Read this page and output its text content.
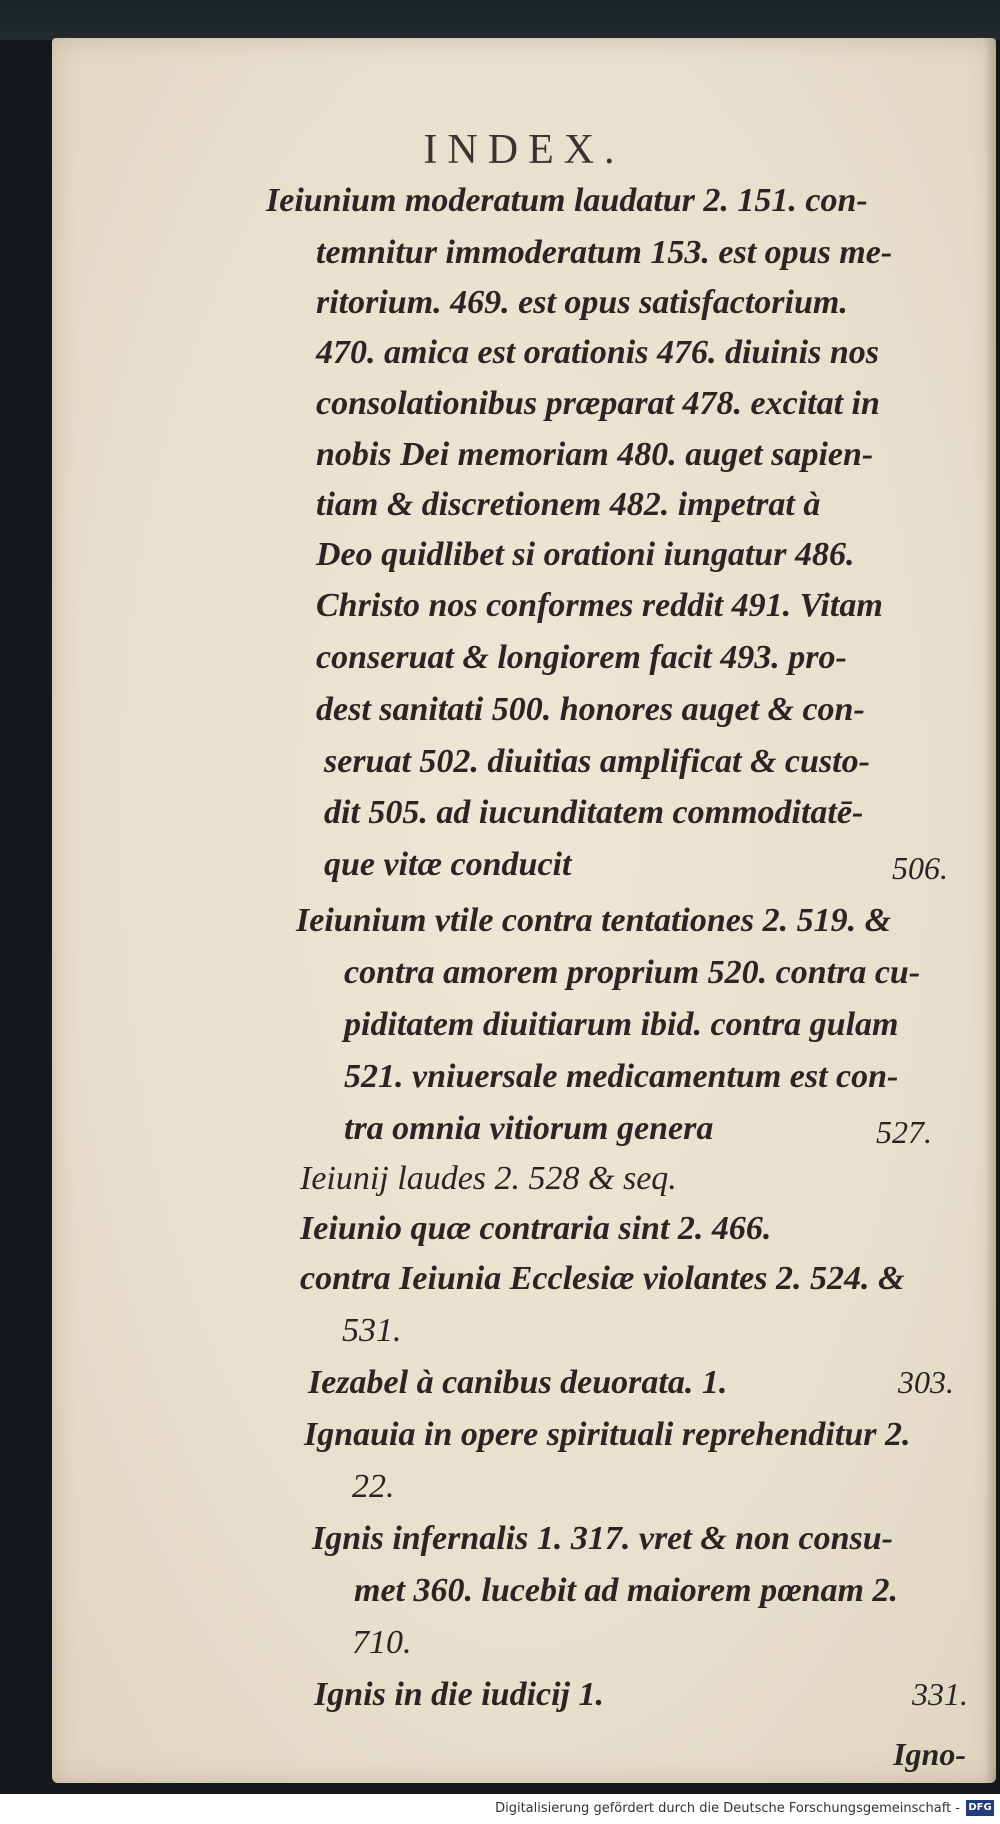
INDEX.
Ieiunium moderatum laudatur 2. 151. con-
temnitur immoderatum 153. est opus me-
ritorium. 469. est opus satisfactorium.
470. amica est orationis 476. diuinis nos
consolationibus præparat 478. excitat in
nobis Dei memoriam 480. auget sapien-
tiam & discretionem 482. impetrat à
Deo quidlibet si orationi iungatur 486.
Christo nos conformes reddit 491. Vitam
conseruat & longiorem facit 493. pro-
dest sanitati 500. honores auget & con-
seruat 502. diuitias amplificat & custo-
dit 505. ad iucunditatem commoditatē-
que vitæ conducit	506.
Ieiunium vtile contra tentationes 2. 519. &
contra amorem proprium 520. contra cu-
piditatem diuitiarum ibid. contra gulam
521. vniuersale medicamentum est con-
tra omnia vitiorum genera	527.
Ieiunij laudes 2. 528 & seq.
Ieiunio quæ contraria sint 2. 466.
contra Ieiunia Ecclesiæ violantes 2. 524. &
531.
Iezabel à canibus deuorata. 1.	303.
Ignauia in opere spirituali reprehenditur 2.
22.
Ignis infernalis 1. 317. vret & non consu-
met 360. lucebit ad maiorem pœnam 2.
710.
Ignis in die iudicij 1.	331.
Igno-
Digitalisierung gefördert durch die Deutsche Forschungsgemeinschaft - DFG
